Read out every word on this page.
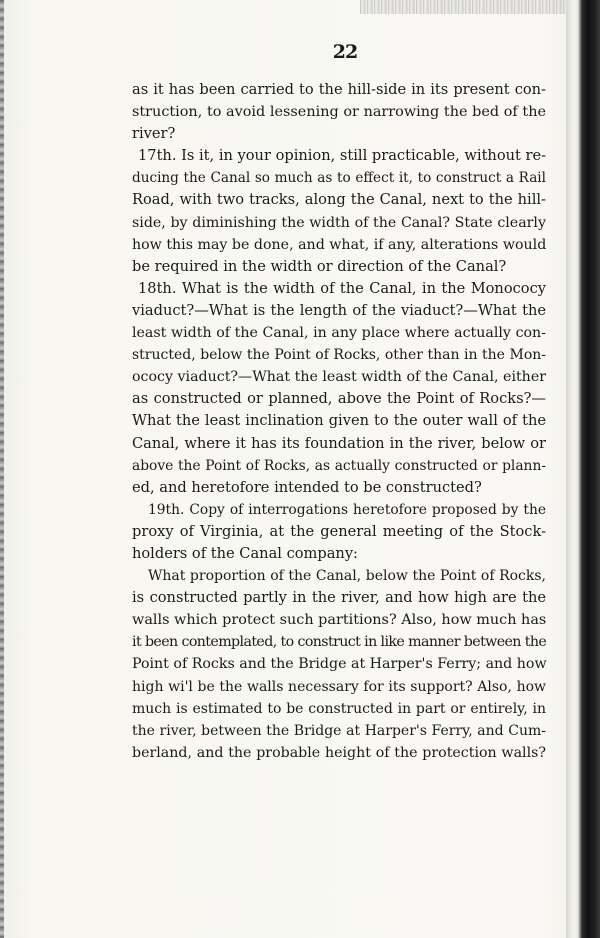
22
as it has been carried to the hill-side in its present con-
struction, to avoid lessening or narrowing the bed of the
river?
17th. Is it, in your opinion, still practicable, without re-
ducing the Canal so much as to effect it, to construct a Rail
Road, with two tracks, along the Canal, next to the hill-
side, by diminishing the width of the Canal? State clearly
how this may be done, and what, if any, alterations would
be required in the width or direction of the Canal?
18th. What is the width of the Canal, in the Monococy
viaduct?—What is the length of the viaduct?—What the
least width of the Canal, in any place where actually con-
structed, below the Point of Rocks, other than in the Mon-
ococy viaduct?—What the least width of the Canal, either
as constructed or planned, above the Point of Rocks?—
What the least inclination given to the outer wall of the
Canal, where it has its foundation in the river, below or
above the Point of Rocks, as actually constructed or plann-
ed, and heretofore intended to be constructed?
19th. Copy of interrogations heretofore proposed by the
proxy of Virginia, at the general meeting of the Stock-
holders of the Canal company:
What proportion of the Canal, below the Point of Rocks,
is constructed partly in the river, and how high are the
walls which protect such partitions? Also, how much has
it been contemplated, to construct in like manner between the
Point of Rocks and the Bridge at Harper's Ferry; and how
high wi'l be the walls necessary for its support? Also, how
much is estimated to be constructed in part or entirely, in
the river, between the Bridge at Harper's Ferry, and Cum-
berland, and the probable height of the protection walls?
